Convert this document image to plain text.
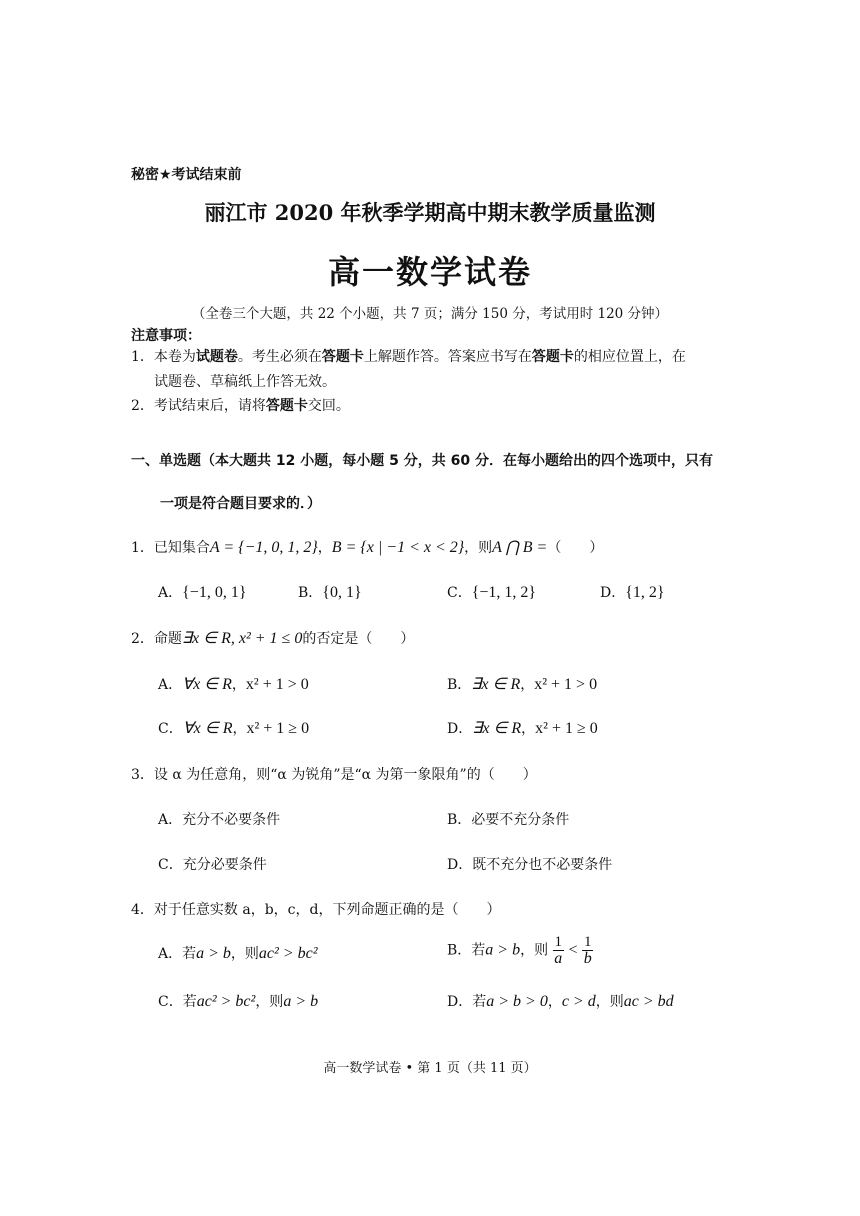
秘密★考试结束前
丽江市 2020 年秋季学期高中期末教学质量监测
高一数学试卷
（全卷三个大题，共 22 个小题，共 7 页；满分 150 分，考试用时 120 分钟）
注意事项：
1．本卷为试题卷。考生必须在答题卡上解题作答。答案应书写在答题卡的相应位置上，在
试题卷、草稿纸上作答无效。
2．考试结束后，请将答题卡交回。
一、单选题（本大题共 12 小题，每小题 5 分，共 60 分．在每小题给出的四个选项中，只有
一项是符合题目要求的．）
1．已知集合A = {−1, 0, 1, 2}，B = {x | −1 < x < 2}，则A ⋂ B =（　　）
A．{−1, 0, 1}	B．{0, 1}	C．{−1, 1, 2}	D．{1, 2}
2．命题∃x ∈ R, x² + 1 ≤ 0的否定是（　　）
A．∀x ∈ R，x² + 1 > 0	B．∃x ∈ R，x² + 1 > 0
C．∀x ∈ R，x² + 1 ≥ 0	D．∃x ∈ R，x² + 1 ≥ 0
3．设 α 为任意角，则“α 为锐角”是“α 为第一象限角”的（　　）
A．充分不必要条件	B．必要不充分条件
C．充分必要条件	D．既不充分也不必要条件
4．对于任意实数 a，b，c，d，下列命题正确的是（　　）
A．若a > b，则ac² > bc²	B．若a > b，则 $\frac{1}{a} < \frac{1}{b}$
C．若ac² > bc²，则a > b	D．若a > b > 0，c > d，则ac > bd
高一数学试卷 • 第 1 页（共 11 页）
